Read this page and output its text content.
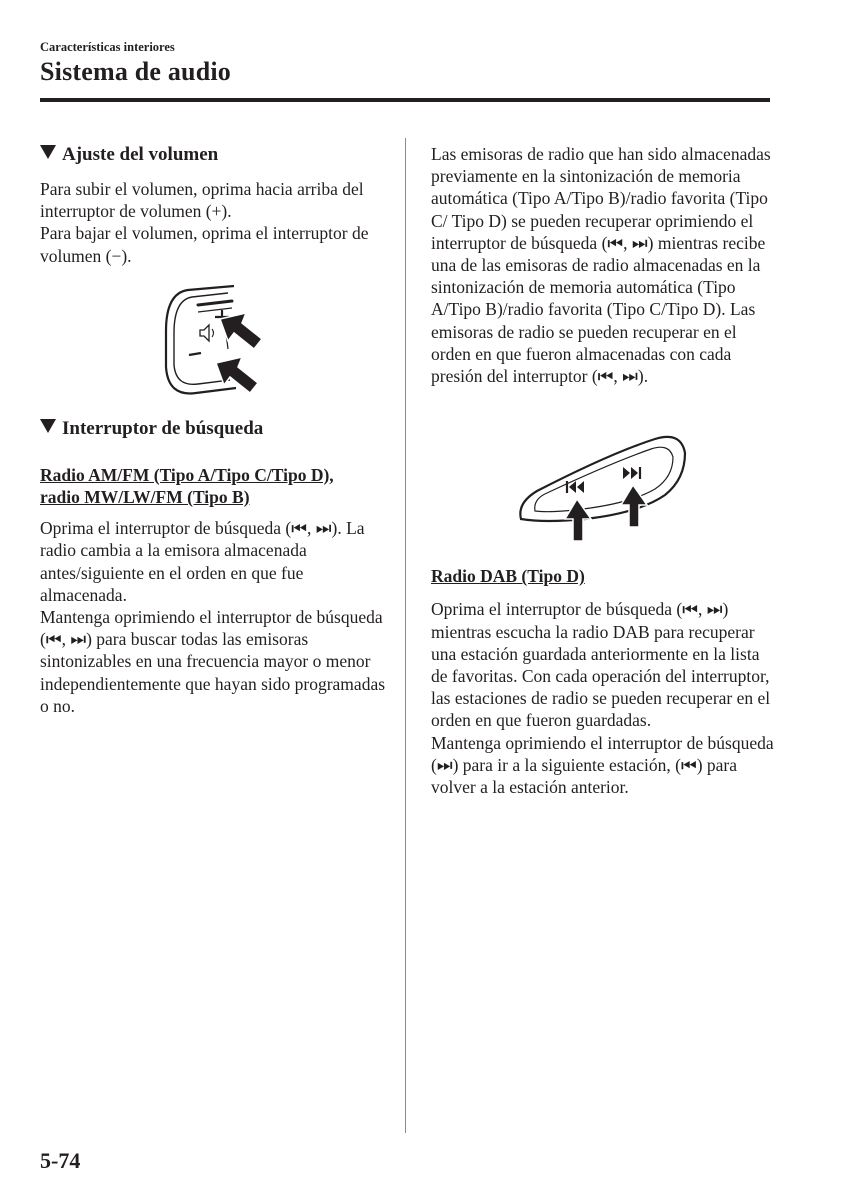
Características interiores
Sistema de audio
Ajuste del volumen

Para subir el volumen, oprima hacia arriba del interruptor de volumen (+).

Para bajar el volumen, oprima el interruptor de volumen (−).

Interruptor de búsqueda

Radio AM/FM (Tipo A/Tipo C/Tipo D),

radio MW/LW/FM (Tipo B)

Oprima el interruptor de búsqueda (⏮, ⏭). La radio cambia a la emisora almacenada antes/siguiente en el orden en que fue almacenada.

Mantenga oprimiendo el interruptor de búsqueda (⏮, ⏭) para buscar todas las emisoras sintonizables en una frecuencia mayor o menor independientemente que hayan sido programadas o no.

Las emisoras de radio que han sido almacenadas previamente en la sintonización de memoria automática (Tipo A/Tipo B)/radio favorita (Tipo C/ Tipo D) se pueden recuperar oprimiendo el interruptor de búsqueda (⏮, ⏭) mientras recibe una de las emisoras de radio almacenadas en la sintonización de memoria automática (Tipo A/Tipo B)/radio favorita (Tipo C/Tipo D). Las emisoras de radio se pueden recuperar en el orden en que fueron almacenadas con cada presión del interruptor (⏮, ⏭).

Radio DAB (Tipo D)

Oprima el interruptor de búsqueda (⏮, ⏭) mientras escucha la radio DAB para recuperar una estación guardada anteriormente en la lista de favoritas. Con cada operación del interruptor, las estaciones de radio se pueden recuperar en el orden en que fueron guardadas.

Mantenga oprimiendo el interruptor de búsqueda (⏭) para ir a la siguiente estación, (⏮) para volver a la estación anterior.

5-74
